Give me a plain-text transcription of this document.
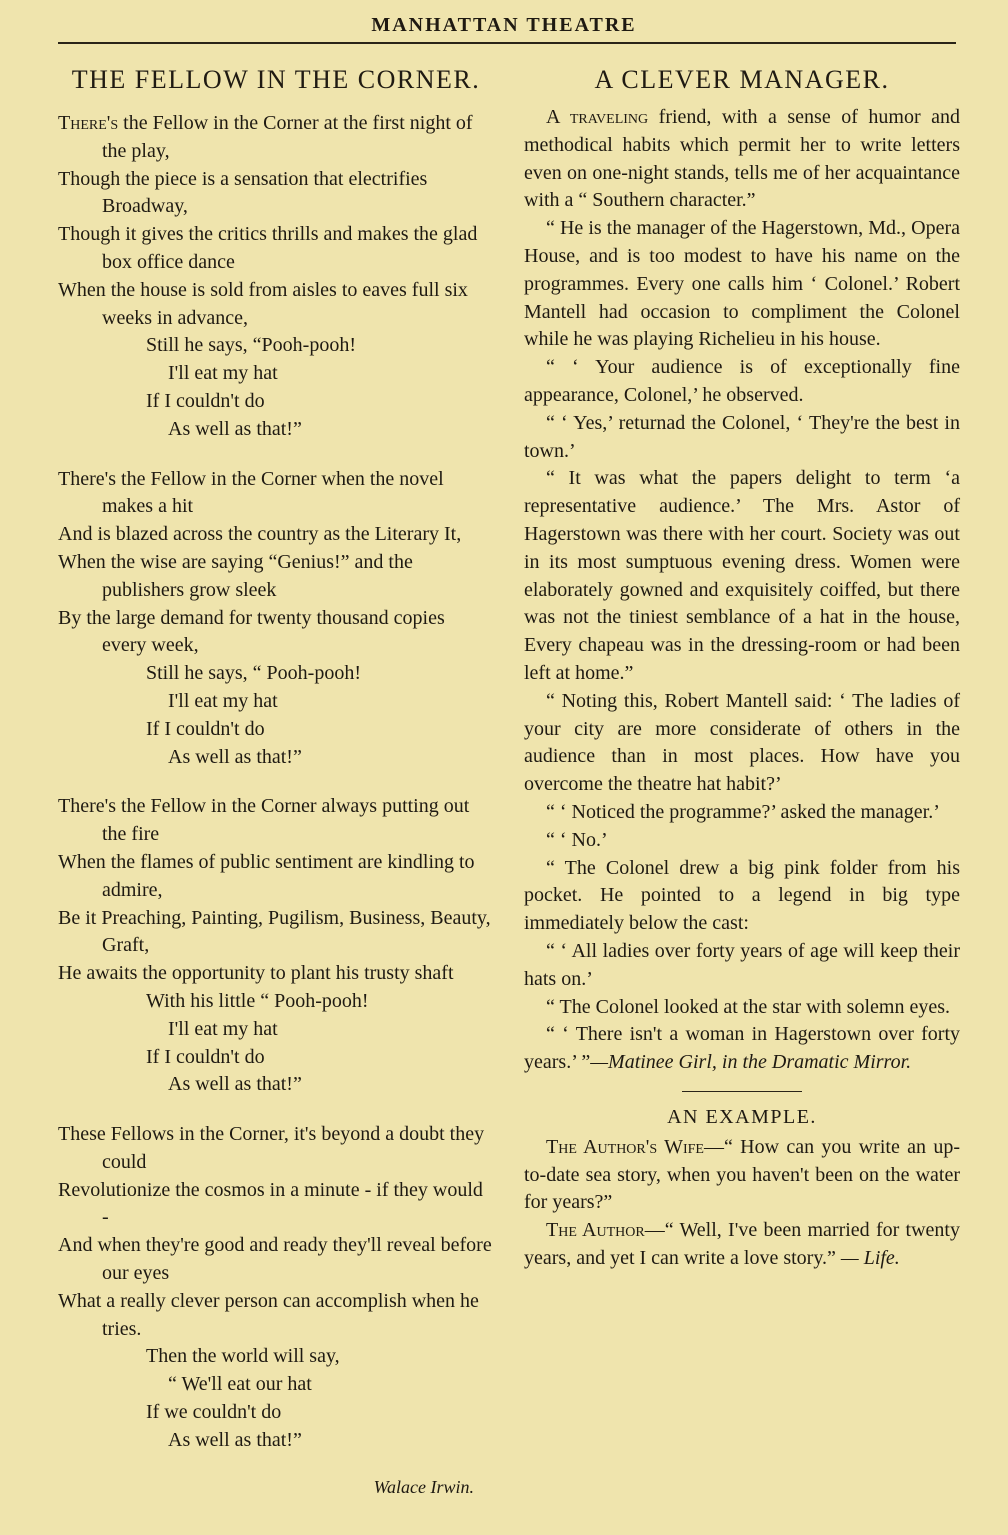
MANHATTAN THEATRE
THE FELLOW IN THE CORNER.
There's the Fellow in the Corner at the first night of the play,
Though the piece is a sensation that electrifies Broadway,
Though it gives the critics thrills and makes the glad box office dance
When the house is sold from aisles to eaves full six weeks in advance,
Still he says, “Pooh-pooh!
I'll eat my hat
If I couldn't do
As well as that!”
There's the Fellow in the Corner when the novel makes a hit
And is blazed across the country as the Literary It,
When the wise are saying “Genius!” and the publishers grow sleek
By the large demand for twenty thousand copies every week,
Still he says, “ Pooh-pooh!
I'll eat my hat
If I couldn't do
As well as that!”
There's the Fellow in the Corner always putting out the fire
When the flames of public sentiment are kindling to admire,
Be it Preaching, Painting, Pugilism, Business, Beauty, Graft,
He awaits the opportunity to plant his trusty shaft
With his little “ Pooh-pooh!
I'll eat my hat
If I couldn't do
As well as that!”
These Fellows in the Corner, it's beyond a doubt they could
Revolutionize the cosmos in a minute - if they would -
And when they're good and ready they'll reveal before our eyes
What a really clever person can accomplish when he tries.
Then the world will say,
“ We'll eat our hat
If we couldn't do
As well as that!”
Walace Irwin.
A CLEVER MANAGER.

A traveling friend, with a sense of humor and methodical habits which permit her to write letters even on one-night stands, tells me of her acquaintance with a “ Southern character.”

“ He is the manager of the Hagerstown, Md., Opera House, and is too modest to have his name on the programmes. Every one calls him ‘ Colonel.’ Robert Mantell had occasion to compliment the Colonel while he was playing Richelieu in his house.

“ ‘ Your audience is of exceptionally fine appearance, Colonel,’ he observed.

“ ‘ Yes,’ returnad the Colonel, ‘ They're the best in town.’

“ It was what the papers delight to term ‘a representative audience.’ The Mrs. Astor of Hagerstown was there with her court. Society was out in its most sumptuous evening dress. Women were elaborately gowned and exquisitely coiffed, but there was not the tiniest semblance of a hat in the house, Every chapeau was in the dressing-room or had been left at home.”

“ Noting this, Robert Mantell said: ‘ The ladies of your city are more considerate of others in the audience than in most places. How have you overcome the theatre hat habit?’

“ ‘ Noticed the programme?’ asked the manager.’

“ ‘ No.’

“ The Colonel drew a big pink folder from his pocket. He pointed to a legend in big type immediately below the cast:

“ ‘ All ladies over forty years of age will keep their hats on.’

“ The Colonel looked at the star with solemn eyes.

“ ‘ There isn't a woman in Hagerstown over forty years.’ ”—Matinee Girl, in the Dramatic Mirror.

AN EXAMPLE.

The Author's Wife—“ How can you write an up-to-date sea story, when you haven't been on the water for years?”

The Author—“ Well, I've been married for twenty years, and yet I can write a love story.” — Life.
